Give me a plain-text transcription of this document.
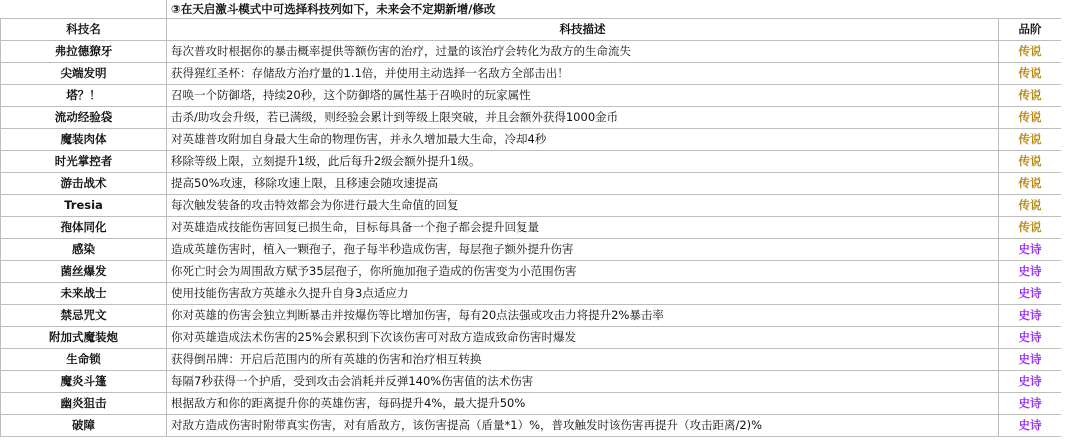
	③在天启激斗模式中可选择科技列如下，未来会不定期新增/修改	
科技名	科技描述	品阶
弗拉德獠牙	每次普攻时根据你的暴击概率提供等额伤害的治疗，过量的该治疗会转化为敌方的生命流失	传说
尖端发明	获得猩红圣杯：存储敌方治疗量的1.1倍，并使用主动选择一名敌方全部击出！	传说
塔？！	召唤一个防御塔，持续20秒，这个防御塔的属性基于召唤时的玩家属性	传说
流动经验袋	击杀/助攻会升级，若已满级，则经验会累计到等级上限突破，并且会额外获得1000金币	传说
魔装肉体	对英雄普攻附加自身最大生命的物理伤害，并永久增加最大生命，冷却4秒	传说
时光掌控者	移除等级上限，立刻提升1级，此后每升2级会额外提升1级。	传说
游击战术	提高50%攻速，移除攻速上限，且移速会随攻速提高	传说
Tresia	每次触发装备的攻击特效都会为你进行最大生命值的回复	传说
孢体同化	对英雄造成技能伤害回复已损生命，目标每具备一个孢子都会提升回复量	传说
感染	造成英雄伤害时，植入一颗孢子，孢子每半秒造成伤害，每层孢子额外提升伤害	史诗
菌丝爆发	你死亡时会为周围敌方赋予35层孢子，你所施加孢子造成的伤害变为小范围伤害	史诗
未来战士	使用技能伤害敌方英雄永久提升自身3点适应力	史诗
禁忌咒文	你对英雄的伤害会独立判断暴击并按爆伤等比增加伤害，每有20点法强或攻击力将提升2%暴击率	史诗
附加式魔装炮	你对英雄造成法术伤害的25%会累积到下次该伤害可对敌方造成致命伤害时爆发	史诗
生命锁	获得倒吊牌：开启后范围内的所有英雄的伤害和治疗相互转换	史诗
魔炎斗篷	每隔7秒获得一个护盾，受到攻击会消耗并反弹140%伤害值的法术伤害	史诗
幽炎狙击	根据敌方和你的距离提升你的英雄伤害，每码提升4%，最大提升50%	史诗
破障	对敌方造成伤害时附带真实伤害，对有盾敌方，该伤害提高（盾量*1）%，普攻触发时该伤害再提升（攻击距离/2)%	史诗
